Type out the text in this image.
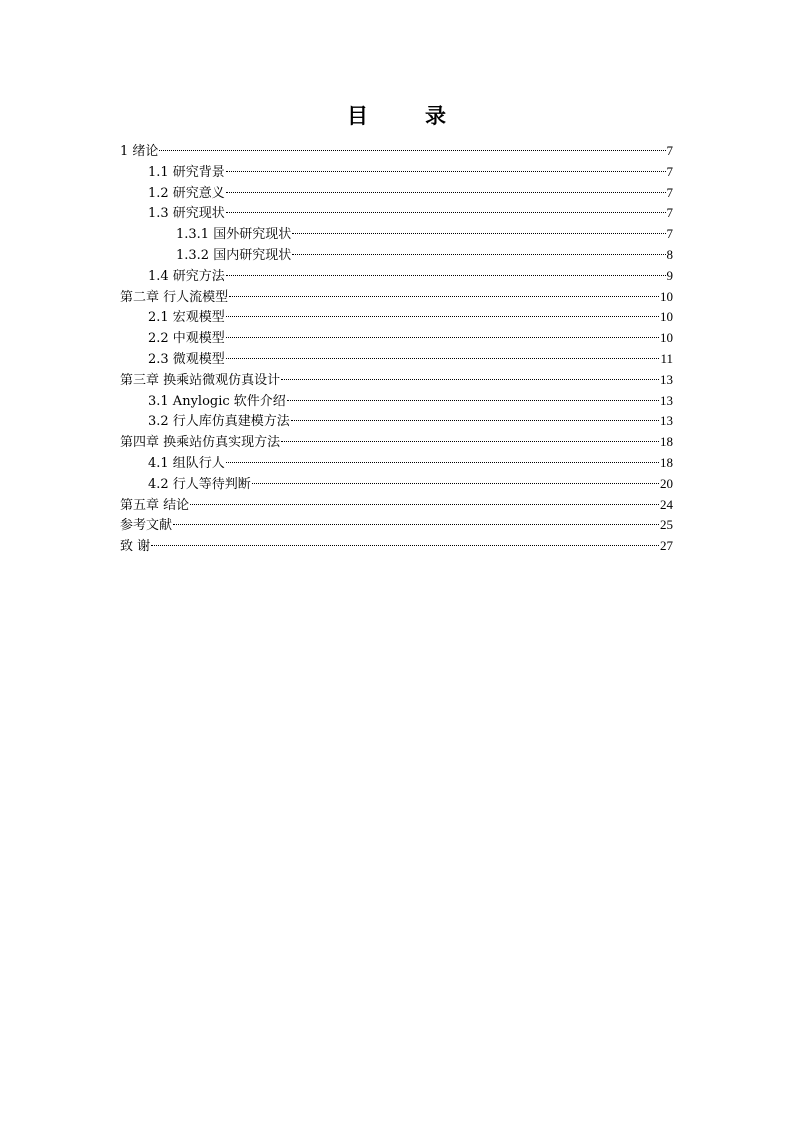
目　录
1 绪论	7
1.1 研究背景	7
1.2 研究意义	7
1.3 研究现状	7
1.3.1 国外研究现状	7
1.3.2 国内研究现状	8
1.4 研究方法	9
第二章 行人流模型	10
2.1 宏观模型	10
2.2 中观模型	10
2.3 微观模型	11
第三章 换乘站微观仿真设计	13
3.1 Anylogic 软件介绍	13
3.2 行人库仿真建模方法	13
第四章 换乘站仿真实现方法	18
4.1 组队行人	18
4.2 行人等待判断	20
第五章 结论	24
参考文献	25
致 谢	27
